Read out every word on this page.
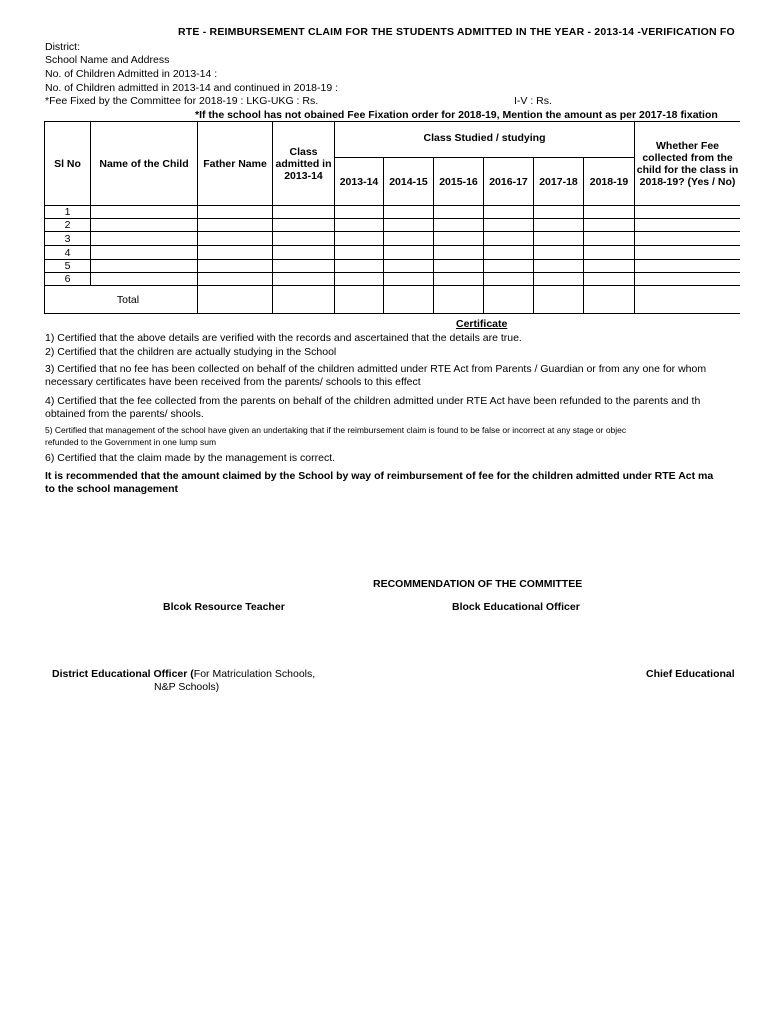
RTE - REIMBURSEMENT CLAIM FOR THE STUDENTS ADMITTED IN THE YEAR - 2013-14 -VERIFICATION FO
District:
School Name and Address
No. of Children Admitted in 2013-14 :
No. of Children admitted in 2013-14 and continued in 2018-19 :
*Fee Fixed by the Committee for 2018-19 : LKG-UKG : Rs.	I-V : Rs.
*If the school has not obained Fee Fixation order for 2018-19, Mention the amount as per 2017-18 fixation
Sl No	Name of the Child	Father Name	Class admitted in 2013-14	Class Studied / studying						Whether Fee collected from the child for the class in 2018-19? (Yes / No)
				2013-14	2014-15	2015-16	2016-17	2017-18	2018-19	
1										
2										
3										
4										
5										
6										
Total										
Certificate
1) Certified that the above details are verified with the records and ascertained that the details are true.
2) Certified that the children are actually studying in the School
3) Certified that no fee has been collected on behalf of the children admitted under RTE Act from Parents / Guardian or from any one for whom
necessary certificates have been received from the parents/ schools to this effect
4) Certified that the fee collected from the parents on behalf of the children admitted under RTE Act have been refunded to the parents and th
obtained from the parents/ shools.
5) Certified that management of the school have given an undertaking that if the reimbursement claim is found to be false or incorrect at any stage or objec
refunded to the Government in one lump sum
6) Certified that the claim made by the management is correct.
It is recommended that the amount claimed by the School by way of reimbursement of fee for the children admitted under RTE Act ma
to the school management
RECOMMENDATION OF THE COMMITTEE
Blcok Resource Teacher	Block Educational Officer
District Educational Officer (For Matriculation Schools,
N&P Schools)
Chief Educational
